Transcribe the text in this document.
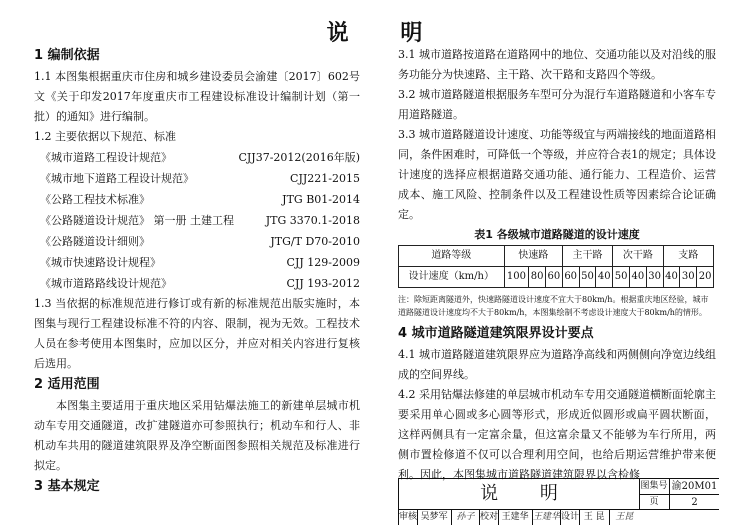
说 明
1 编制依据
1.1 本图集根据重庆市住房和城乡建设委员会渝建〔2017〕602号文《关于印发2017年度重庆市工程建设标准设计编制计划（第一批）的通知》进行编制。
1.2 主要依据以下规范、标准
《城市道路工程设计规范》	CJJ37-2012(2016年版)
《城市地下道路工程设计规范》	CJJ221-2015
《公路工程技术标准》	JTG B01-2014
《公路隧道设计规范》 第一册 土建工程	JTG 3370.1-2018
《公路隧道设计细则》	JTG/T D70-2010
《城市快速路设计规程》	CJJ 129-2009
《城市道路路线设计规范》	CJJ 193-2012
1.3 当依据的标准规范进行修订或有新的标准规范出版实施时，本图集与现行工程建设标准不符的内容、限制，视为无效。工程技术人员在参考使用本图集时，应加以区分，并应对相关内容进行复核后选用。
2 适用范围
本图集主要适用于重庆地区采用钻爆法施工的新建单层城市机动车专用交通隧道，改扩建隧道亦可参照执行；机动车和行人、非机动车共用的隧道建筑限界及净空断面图参照相关规范及标准进行拟定。
3 基本规定
3.1 城市道路按道路在道路网中的地位、交通功能以及对沿线的服务功能分为快速路、主干路、次干路和支路四个等级。
3.2 城市道路隧道根据服务车型可分为混行车道路隧道和小客车专用道路隧道。
3.3 城市道路隧道设计速度、功能等级宜与两端接线的地面道路相同，条件困难时，可降低一个等级，并应符合表1的规定；具体设计速度的选择应根据道路交通功能、通行能力、工程造价、运营成本、施工风险、控制条件以及工程建设性质等因素综合论证确定。
表1 各级城市道路隧道的设计速度
道路等级	快速路			主干路			次干路			支路		
设计速度（km/h）	100	80	60	60	50	40	50	40	30	40	30	20
注：除短距离隧道外，快速路隧道设计速度不宜大于80km/h。根据重庆地区经验，城市道路隧道设计速度均不大于80km/h，本图集绘制不考虑设计速度大于80km/h的情形。
4 城市道路隧道建筑限界设计要点
4.1 城市道路隧道建筑限界应为道路净高线和两侧侧向净宽边线组成的空间界线。
4.2 采用钻爆法修建的单层城市机动车专用交通隧道横断面轮廓主要采用单心圆或多心圆等形式，形成近似圆形或扁平圆状断面，这样两侧具有一定富余量，但这富余量又不能够为车行所用，两侧市置检修道不仅可以合理利用空间，也给后期运营维护带来便利。因此，本图集城市道路隧道建筑限界以含检修
说 明	图集号 渝20M01
页	2
审核 吴梦军 孙子 校对 王建华 王建华 设计 王 昆	王昆
